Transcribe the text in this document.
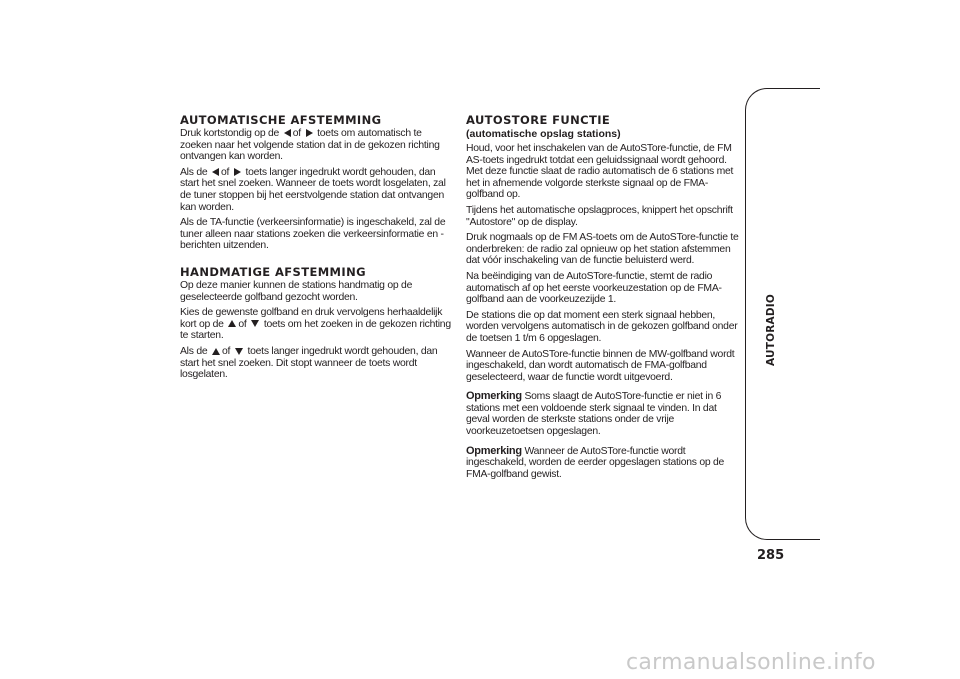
AUTOMATISCHE AFSTEMMING

Druk kortstondig op de of toets om automatisch te zoeken naar het volgende station dat in de gekozen richting ontvangen kan worden.

Als de of toets langer ingedrukt wordt gehouden, dan start het snel zoeken. Wanneer de toets wordt losgelaten, zal de tuner stoppen bij het eerstvolgende station dat ontvangen kan worden.

Als de TA-functie (verkeersinformatie) is ingeschakeld, zal de tuner alleen naar stations zoeken die verkeersinformatie en -berichten uitzenden.

HANDMATIGE AFSTEMMING

Op deze manier kunnen de stations handmatig op de geselecteerde golfband gezocht worden.

Kies de gewenste golfband en druk vervolgens herhaaldelijk kort op de of toets om het zoeken in de gekozen richting te starten.

Als de of toets langer ingedrukt wordt gehouden, dan start het snel zoeken. Dit stopt wanneer de toets wordt losgelaten.

AUTOSTORE FUNCTIE
(automatische opslag stations)

Houd, voor het inschakelen van de AutoSTore-functie, de FM AS-toets ingedrukt totdat een geluidssignaal wordt gehoord. Met deze functie slaat de radio automatisch de 6 stations met het in afnemende volgorde sterkste signaal op de FMA-golfband op.

Tijdens het automatische opslagproces, knippert het opschrift "Autostore" op de display.

Druk nogmaals op de FM AS-toets om de AutoSTore-functie te onderbreken: de radio zal opnieuw op het station afstemmen dat vóór inschakeling van de functie beluisterd werd.

Na beëindiging van de AutoSTore-functie, stemt de radio automatisch af op het eerste voorkeuzestation op de FMA-golfband aan de voorkeuzezijde 1.

De stations die op dat moment een sterk signaal hebben, worden vervolgens automatisch in de gekozen golfband onder de toetsen 1 t/m 6 opgeslagen.

Wanneer de AutoSTore-functie binnen de MW-golfband wordt ingeschakeld, dan wordt automatisch de FMA-golfband geselecteerd, waar de functie wordt uitgevoerd.

Opmerking Soms slaagt de AutoSTore-functie er niet in 6 stations met een voldoende sterk signaal te vinden. In dat geval worden de sterkste stations onder de vrije voorkeuzetoetsen opgeslagen.

Opmerking Wanneer de AutoSTore-functie wordt ingeschakeld, worden de eerder opgeslagen stations op de FMA-golfband gewist.

AUTORADIO
285
carmanualsonline.info
